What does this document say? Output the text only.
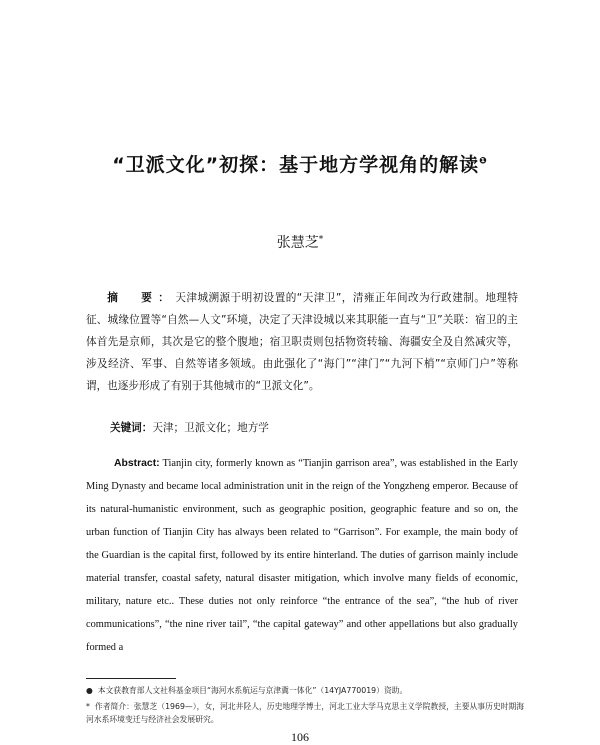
“卫派文化”初探：基于地方学视角的解读$^❶$
张慧芝*
摘　要：天津城溯源于明初设置的“天津卫”，清雍正年间改为行政建制。地理特征、城缘位置等“自然—人文”环境，决定了天津设城以来其职能一直与“卫”关联：宿卫的主体首先是京师，其次是它的整个腹地；宿卫职责则包括物资转输、海疆安全及自然减灾等，涉及经济、军事、自然等诸多领域。由此强化了“海门”“津门”“九河下梢”“京师门户”等称谓，也逐步形成了有别于其他城市的“卫派文化”。
关键词：天津；卫派文化；地方学
Abstract: Tianjin city, formerly known as “Tianjin garrison area”, was established in the Early Ming Dynasty and became local administration unit in the reign of the Yongzheng emperor. Because of its natural-humanistic environment, such as geographic position, geographic feature and so on, the urban function of Tianjin City has always been related to “Garrison”. For example, the main body of the Guardian is the capital first, followed by its entire hinterland. The duties of garrison mainly include material transfer, coastal safety, natural disaster mitigation, which involve many fields of economic, military, nature etc.. These duties not only reinforce “the entrance of the sea”, “the hub of river communications”, “the nine river tail”, “the capital gateway” and other appellations but also gradually formed a
● 本文获教育部人文社科基金项目“海河水系航运与京津冀一体化”（14YJA770019）资助。
* 作者简介：张慧芝（1969—），女，河北井陉人，历史地理学博士，河北工业大学马克思主义学院教授，主要从事历史时期海河水系环境变迁与经济社会发展研究。
106
